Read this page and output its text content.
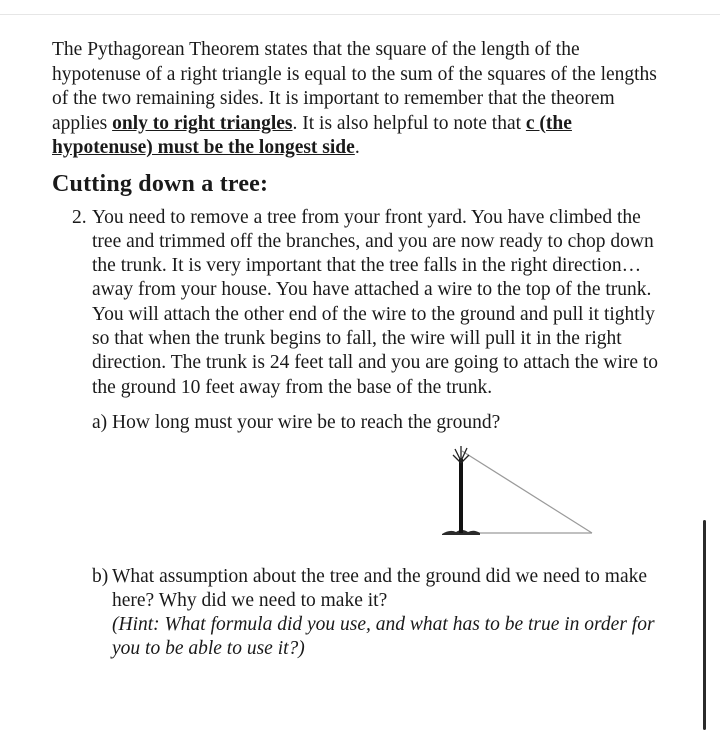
The Pythagorean Theorem states that the square of the length of the hypotenuse of a right triangle is equal to the sum of the squares of the lengths of the two remaining sides. It is important to remember that the theorem applies only to right triangles. It is also helpful to note that c (the hypotenuse) must be the longest side.

Cutting down a tree:
2. You need to remove a tree from your front yard. You have climbed the tree and trimmed off the branches, and you are now ready to chop down the trunk. It is very important that the tree falls in the right direction… away from your house. You have attached a wire to the top of the trunk. You will attach the other end of the wire to the ground and pull it tightly so that when the trunk begins to fall, the wire will pull it in the right direction. The trunk is 24 feet tall and you are going to attach the wire to the ground 10 feet away from the base of the trunk.
a) How long must your wire be to reach the ground?
b) What assumption about the tree and the ground did we need to make here? Why did we need to make it?
(Hint: What formula did you use, and what has to be true in order for you to be able to use it?)
